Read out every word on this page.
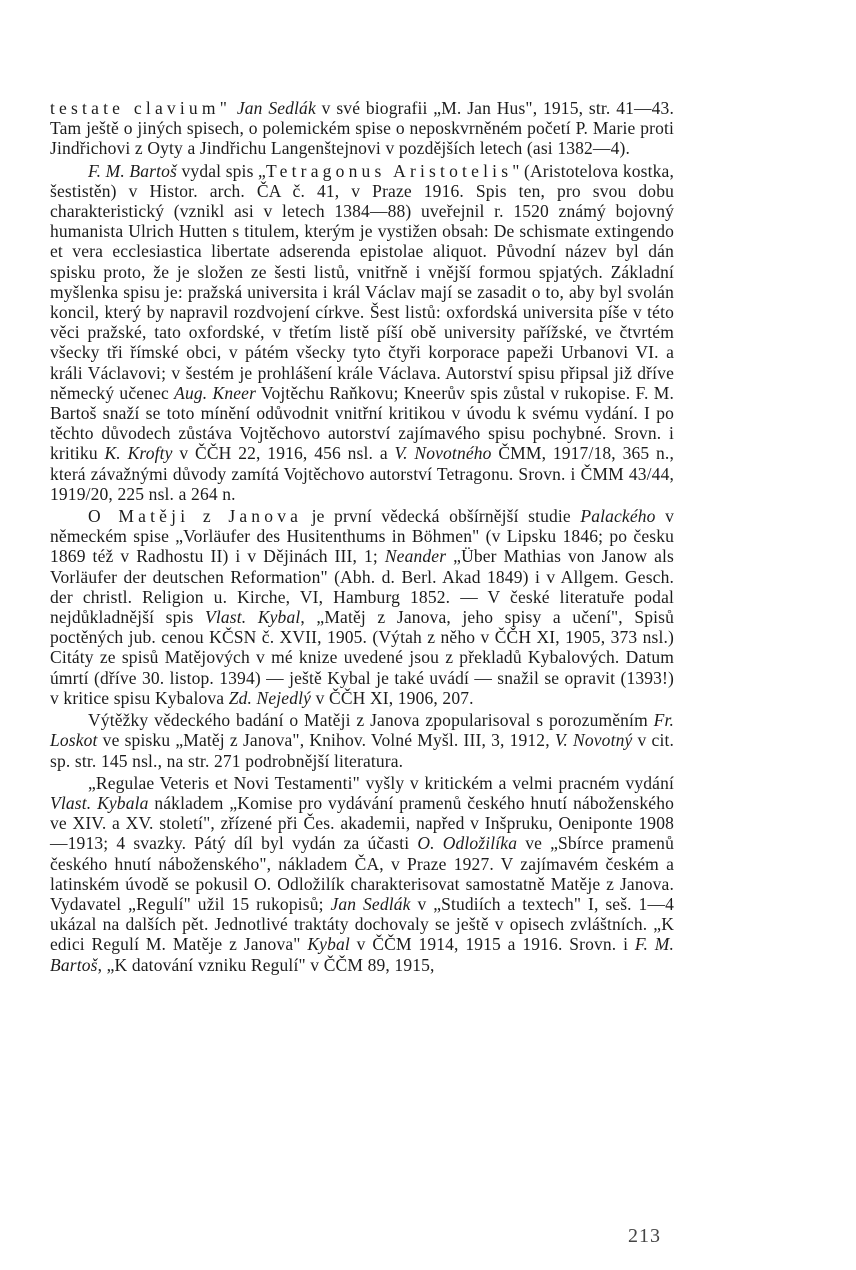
testate clavium" Jan Sedlák v své biografii „M. Jan Hus", 1915, str. 41—43. Tam ještě o jiných spisech, o polemickém spise o neposkvrněném početí P. Marie proti Jindřichovi z Oyty a Jindřichu Langenštejnovi v pozdějších letech (asi 1382—4).

F. M. Bartoš vydal spis „Tetragonus Aristotelis" (Aristotelova kostka, šestistěn) v Histor. arch. ČA č. 41, v Praze 1916. Spis ten, pro svou dobu charakteristický (vznikl asi v letech 1384—88) uveřejnil r. 1520 známý bojovný humanista Ulrich Hutten s titulem, kterým je vystižen obsah: De schismate extingendo et vera ecclesiastica libertate adserenda epistolae aliquot. Původní název byl dán spisku proto, že je složen ze šesti listů, vnitřně i vnější formou spjatých. Základní myšlenka spisu je: pražská universita i král Václav mají se zasadit o to, aby byl svolán koncil, který by napravil rozdvojení církve. Šest listů: oxfordská universita píše v této věci pražské, tato oxfordské, v třetím listě píší obě university pařížské, ve čtvrtém všecky tři římské obci, v pátém všecky tyto čtyři korporace papeži Urbanovi VI. a králi Václavovi; v šestém je prohlášení krále Václava. Autorství spisu připsal již dříve německý učenec Aug. Kneer Vojtěchu Raňkovu; Kneerův spis zůstal v rukopise. F. M. Bartoš snaží se toto mínění odůvodnit vnitřní kritikou v úvodu k svému vydání. I po těchto důvodech zůstáva Vojtěchovo autorství zajímavého spisu pochybné. Srovn. i kritiku K. Krofty v ČČH 22, 1916, 456 nsl. a V. Novotného ČMM, 1917/18, 365 n., která závažnými důvody zamítá Vojtěchovo autorství Tetragonu. Srovn. i ČMM 43/44, 1919/20, 225 nsl. a 264 n.

O Matěji z Janova je první vědecká obšírnější studie Palackého v německém spise „Vorläufer des Husitenthums in Böhmen" (v Lipsku 1846; po česku 1869 též v Radhostu II) i v Dějinách III, 1; Neander „Über Mathias von Janow als Vorläufer der deutschen Reformation" (Abh. d. Berl. Akad 1849) i v Allgem. Gesch. der christl. Religion u. Kirche, VI, Hamburg 1852. — V české literatuře podal nejdůkladnější spis Vlast. Kybal, „Matěj z Janova, jeho spisy a učení", Spisů poctěných jub. cenou KČSN č. XVII, 1905. (Výtah z něho v ČČH XI, 1905, 373 nsl.) Citáty ze spisů Matějových v mé knize uvedené jsou z překladů Kybalových. Datum úmrtí (dříve 30. listop. 1394) — ještě Kybal je také uvádí — snažil se opravit (1393!) v kritice spisu Kybalova Zd. Nejedlý v ČČH XI, 1906, 207.

Výtěžky vědeckého badání o Matěji z Janova zpopularisoval s porozuměním Fr. Loskot ve spisku „Matěj z Janova", Knihov. Volné Myšl. III, 3, 1912, V. Novotný v cit. sp. str. 145 nsl., na str. 271 podrobnější literatura.

„Regulae Veteris et Novi Testamenti" vyšly v kritickém a velmi pracném vydání Vlast. Kybala nákladem „Komise pro vydávání pramenů českého hnutí náboženského ve XIV. a XV. století", zřízené při Čes. akademii, napřed v Inšpruku, Oeniponte 1908—1913; 4 svazky. Pátý díl byl vydán za účasti O. Odložilíka ve „Sbírce pramenů českého hnutí náboženského", nákladem ČA, v Praze 1927. V zajímavém českém a latinském úvodě se pokusil O. Odložilík charakterisovat samostatně Matěje z Janova. Vydavatel „Regulí" užil 15 rukopisů; Jan Sedlák v „Studiích a textech" I, seš. 1—4 ukázal na dalších pět. Jednotlivé traktáty dochovaly se ještě v opisech zvláštních. „K edici Regulí M. Matěje z Janova" Kybal v ČČM 1914, 1915 a 1916. Srovn. i F. M. Bartoš, „K datování vzniku Regulí" v ČČM 89, 1915,

213
